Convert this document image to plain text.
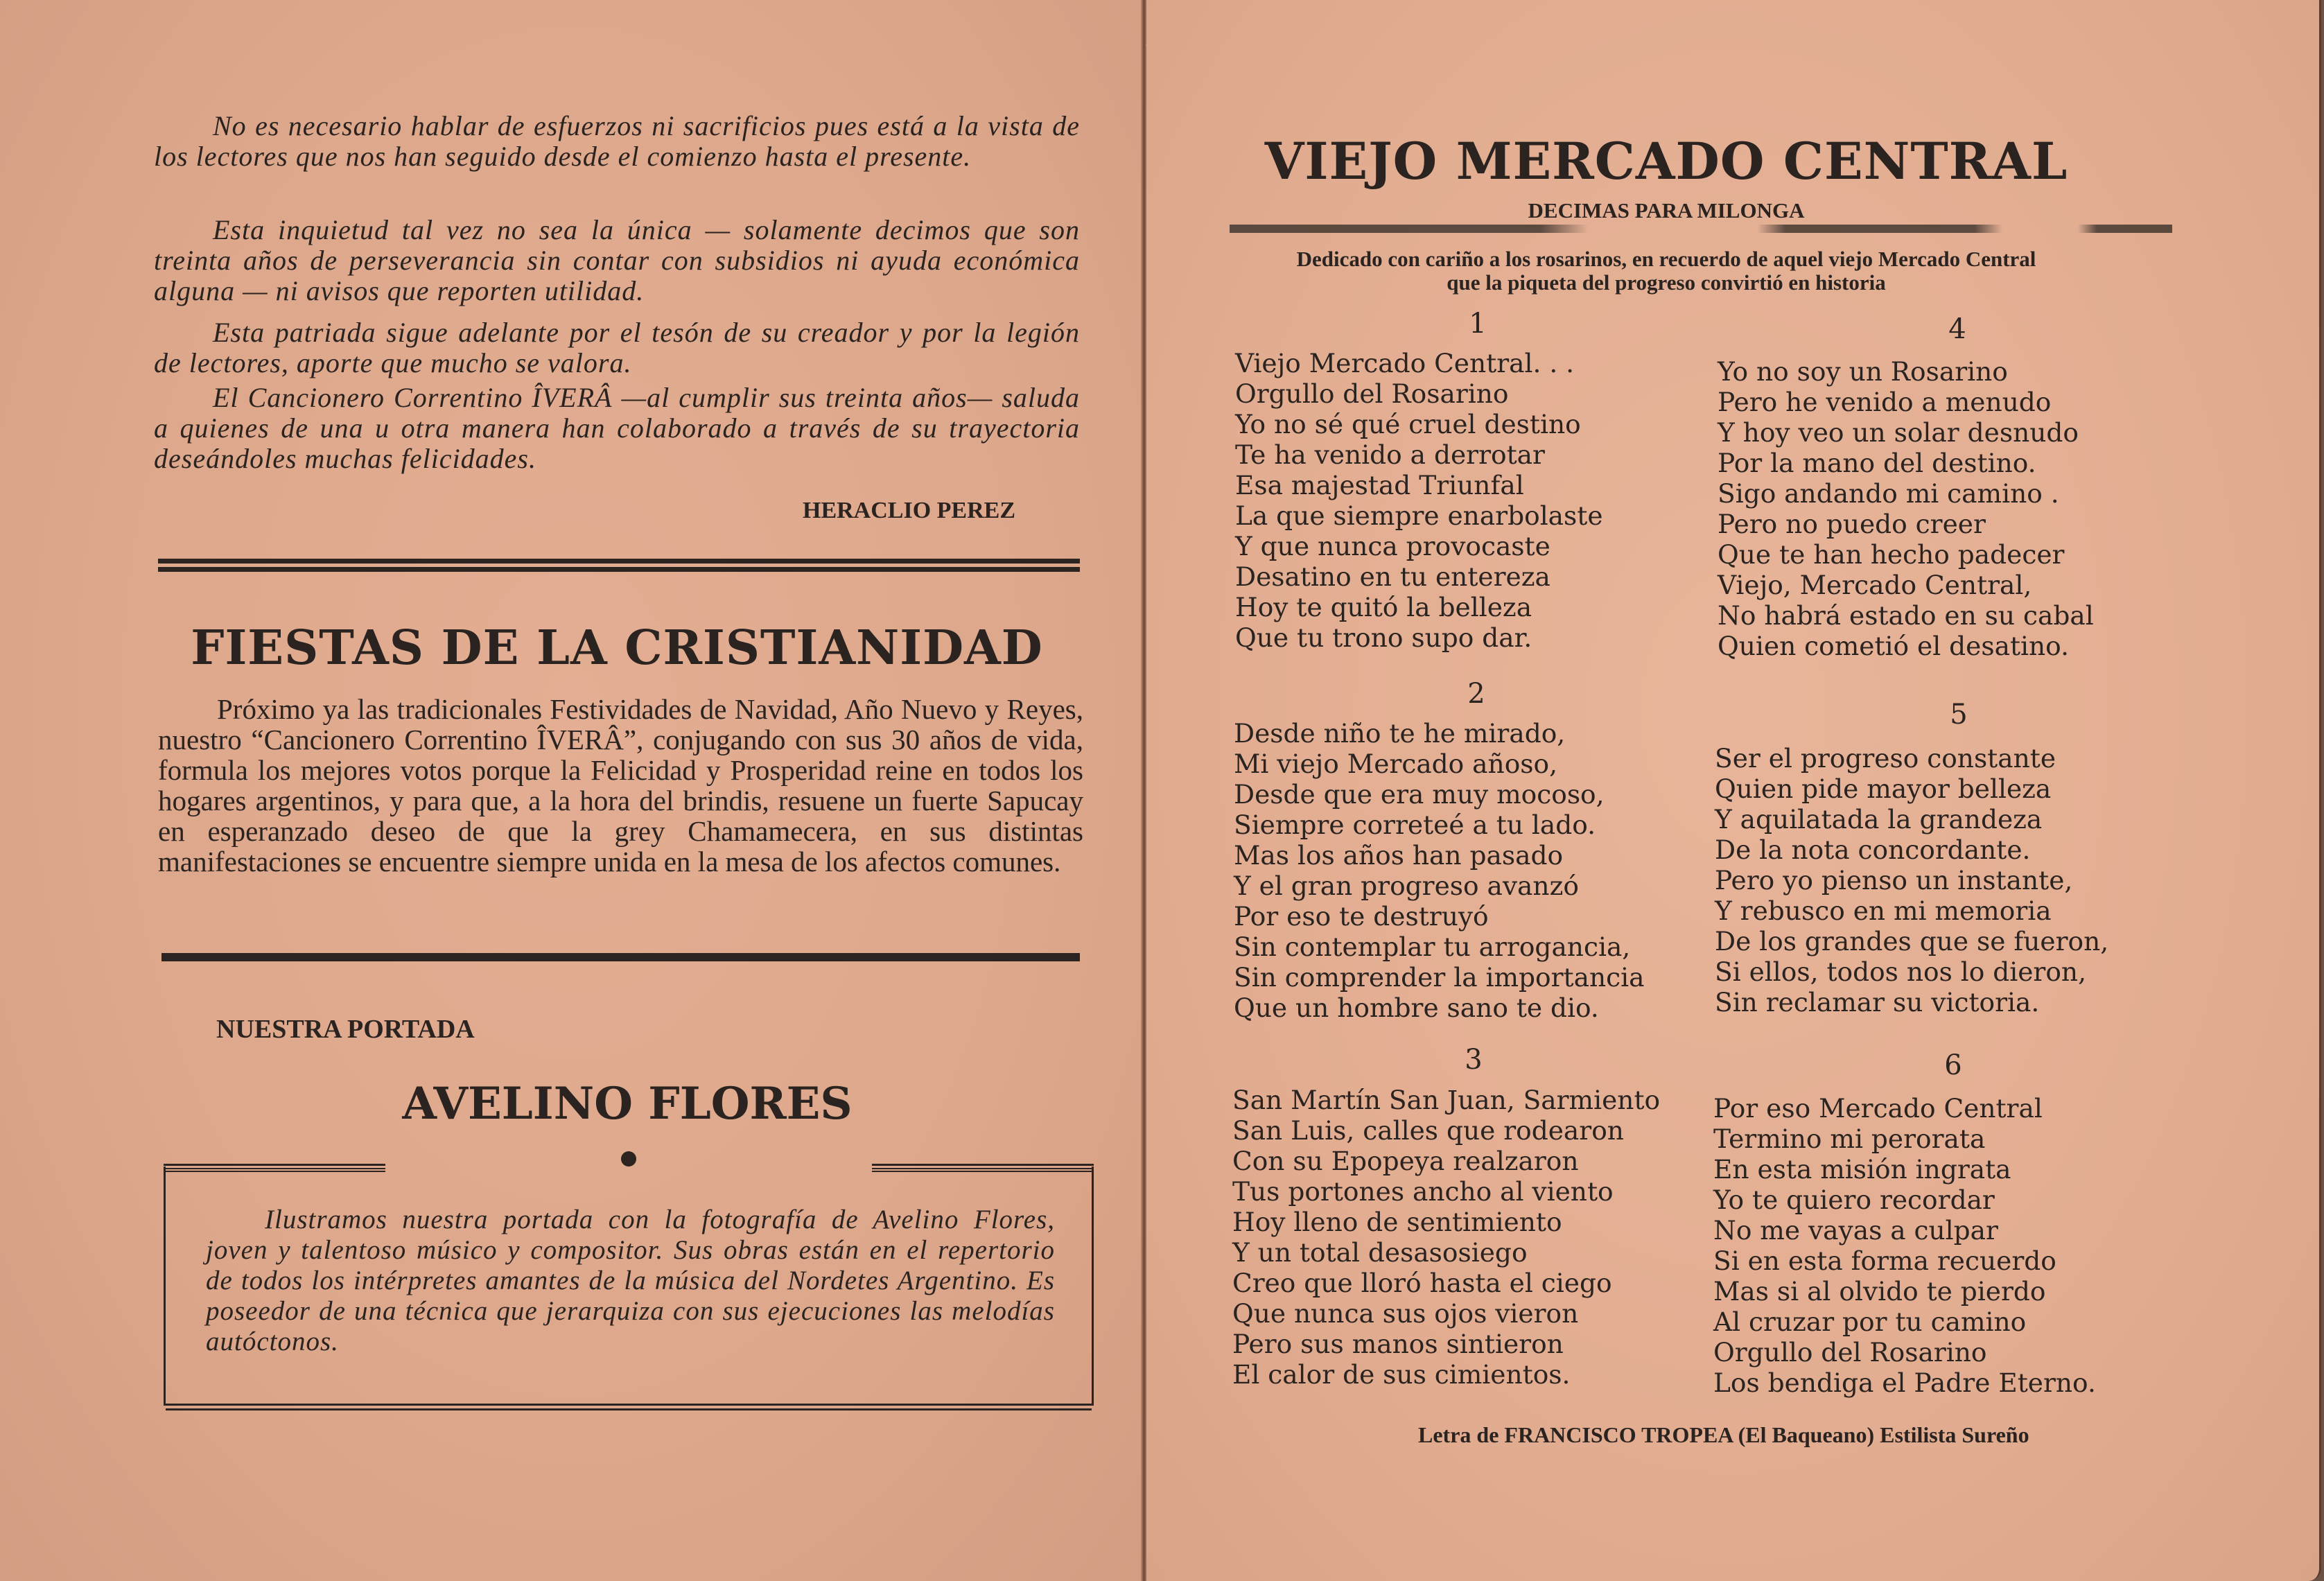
No es necesario hablar de esfuerzos ni sacrificios pues está a la vista de los lectores que nos han seguido desde el comienzo hasta el presente.

Esta inquietud tal vez no sea la única — solamente decimos que son treinta años de perseverancia sin contar con subsidios ni ayuda económica alguna — ni avisos que reporten utilidad.

Esta patriada sigue adelante por el tesón de su creador y por la legión de lectores, aporte que mucho se valora.

El Cancionero Correntino ÎVERÂ —al cumplir sus treinta años— saluda a quienes de una u otra manera han colaborado a través de su trayectoria deseándoles muchas felicidades.

HERACLIO PEREZ
FIESTAS DE LA CRISTIANIDAD

Próximo ya las tradicionales Festividades de Navidad, Año Nuevo y Reyes, nuestro “Cancionero Correntino ÎVERÂ”, conjugando con sus 30 años de vida, formula los mejores votos porque la Felicidad y Prosperidad reine en todos los hogares argentinos, y para que, a la hora del brindis, resuene un fuerte Sapucay en esperanzado deseo de que la grey Chamamecera, en sus distintas manifestaciones se encuentre siempre unida en la mesa de los afectos comunes.

NUESTRA PORTADA
AVELINO FLORES

Ilustramos nuestra portada con la fotografía de Avelino Flores, joven y talentoso músico y compositor. Sus obras están en el repertorio de todos los intérpretes amantes de la música del Nordetes Argentino. Es poseedor de una técnica que jerarquiza con sus ejecuciones las melodías autóctonos.

VIEJO MERCADO CENTRAL
DECIMAS PARA MILONGA
Dedicado con cariño a los rosarinos, en recuerdo de aquel viejo Mercado Central
que la piqueta del progreso convirtió en historia
1
Viejo Mercado Central. . .
Orgullo del Rosarino
Yo no sé qué cruel destino
Te ha venido a derrotar
Esa majestad Triunfal
La que siempre enarbolaste
Y que nunca provocaste
Desatino en tu entereza
Hoy te quitó la belleza
Que tu trono supo dar.
2
Desde niño te he mirado,
Mi viejo Mercado añoso,
Desde que era muy mocoso,
Siempre correteé a tu lado.
Mas los años han pasado
Y el gran progreso avanzó
Por eso te destruyó
Sin contemplar tu arrogancia,
Sin comprender la importancia
Que un hombre sano te dio.
3
San Martín San Juan, Sarmiento
San Luis, calles que rodearon
Con su Epopeya realzaron
Tus portones ancho al viento
Hoy lleno de sentimiento
Y un total desasosiego
Creo que lloró hasta el ciego
Que nunca sus ojos vieron
Pero sus manos sintieron
El calor de sus cimientos.
4
Yo no soy un Rosarino
Pero he venido a menudo
Y hoy veo un solar desnudo
Por la mano del destino.
Sigo andando mi camino .
Pero no puedo creer
Que te han hecho padecer
Viejo, Mercado Central,
No habrá estado en su cabal
Quien cometió el desatino.
5
Ser el progreso constante
Quien pide mayor belleza
Y aquilatada la grandeza
De la nota concordante.
Pero yo pienso un instante,
Y rebusco en mi memoria
De los grandes que se fueron,
Si ellos, todos nos lo dieron,
Sin reclamar su victoria.
6
Por eso Mercado Central
Termino mi perorata
En esta misión ingrata
Yo te quiero recordar
No me vayas a culpar
Si en esta forma recuerdo
Mas si al olvido te pierdo
Al cruzar por tu camino
Orgullo del Rosarino
Los bendiga el Padre Eterno.
Letra de FRANCISCO TROPEA (El Baqueano) Estilista Sureño
